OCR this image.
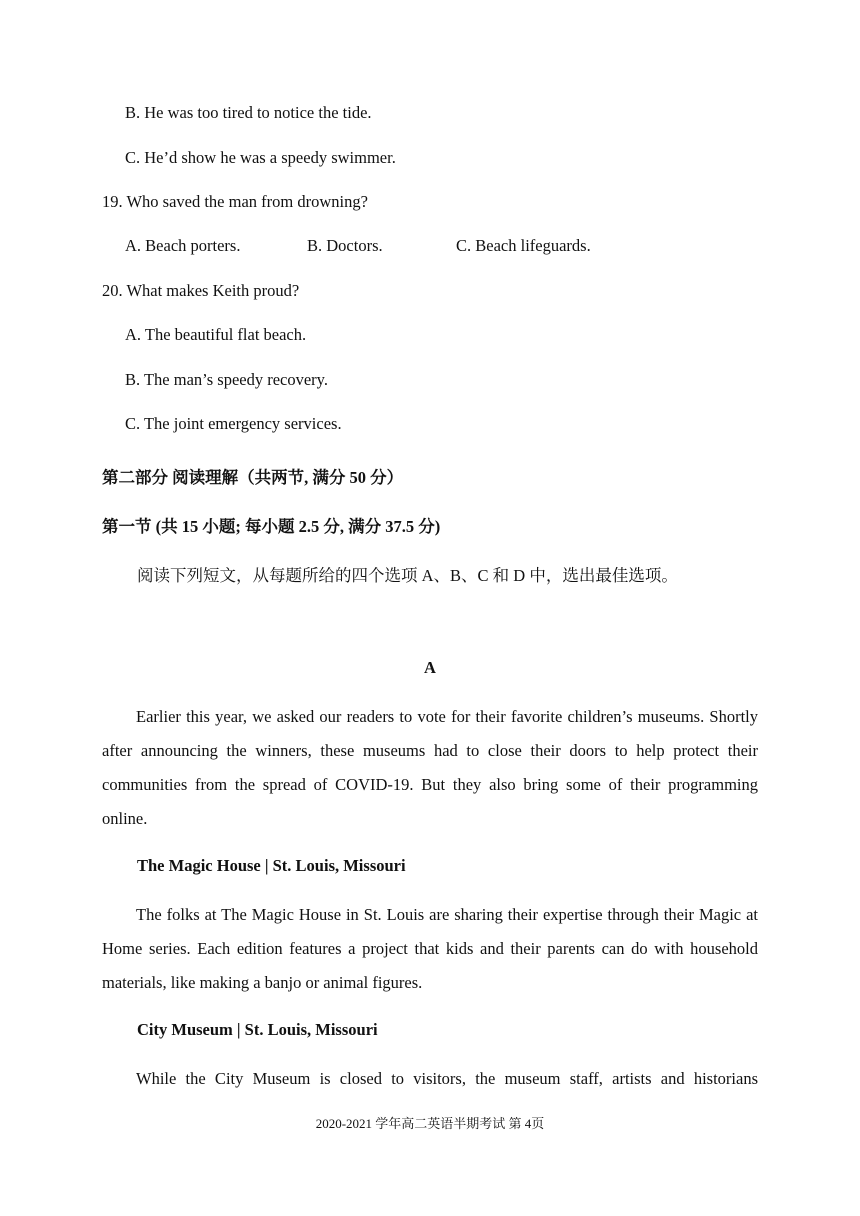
B. He was too tired to notice the tide.
C. He’d show he was a speedy swimmer.
19. Who saved the man from drowning?
A. Beach porters.	B. Doctors.	C. Beach lifeguards.
20. What makes Keith proud?
A. The beautiful flat beach.
B. The man’s speedy recovery.
C. The joint emergency services.
第二部分 阅读理解（共两节, 满分 50 分）
第一节 (共 15 小题; 每小题 2.5 分, 满分 37.5 分)
阅读下列短文，从每题所给的四个选项 A、B、C 和 D 中，选出最佳选项。
A

Earlier this year, we asked our readers to vote for their favorite children’s museums. Shortly after announcing the winners, these museums had to close their doors to help protect their communities from the spread of COVID-19. But they also bring some of their programming online.

The Magic House | St. Louis, Missouri

The folks at The Magic House in St. Louis are sharing their expertise through their Magic at Home series. Each edition features a project that kids and their parents can do with household materials, like making a banjo or animal figures.

City Museum | St. Louis, Missouri

While the City Museum is closed to visitors, the museum staff, artists and historians

2020-2021 学年高二英语半期考试 第 4页
